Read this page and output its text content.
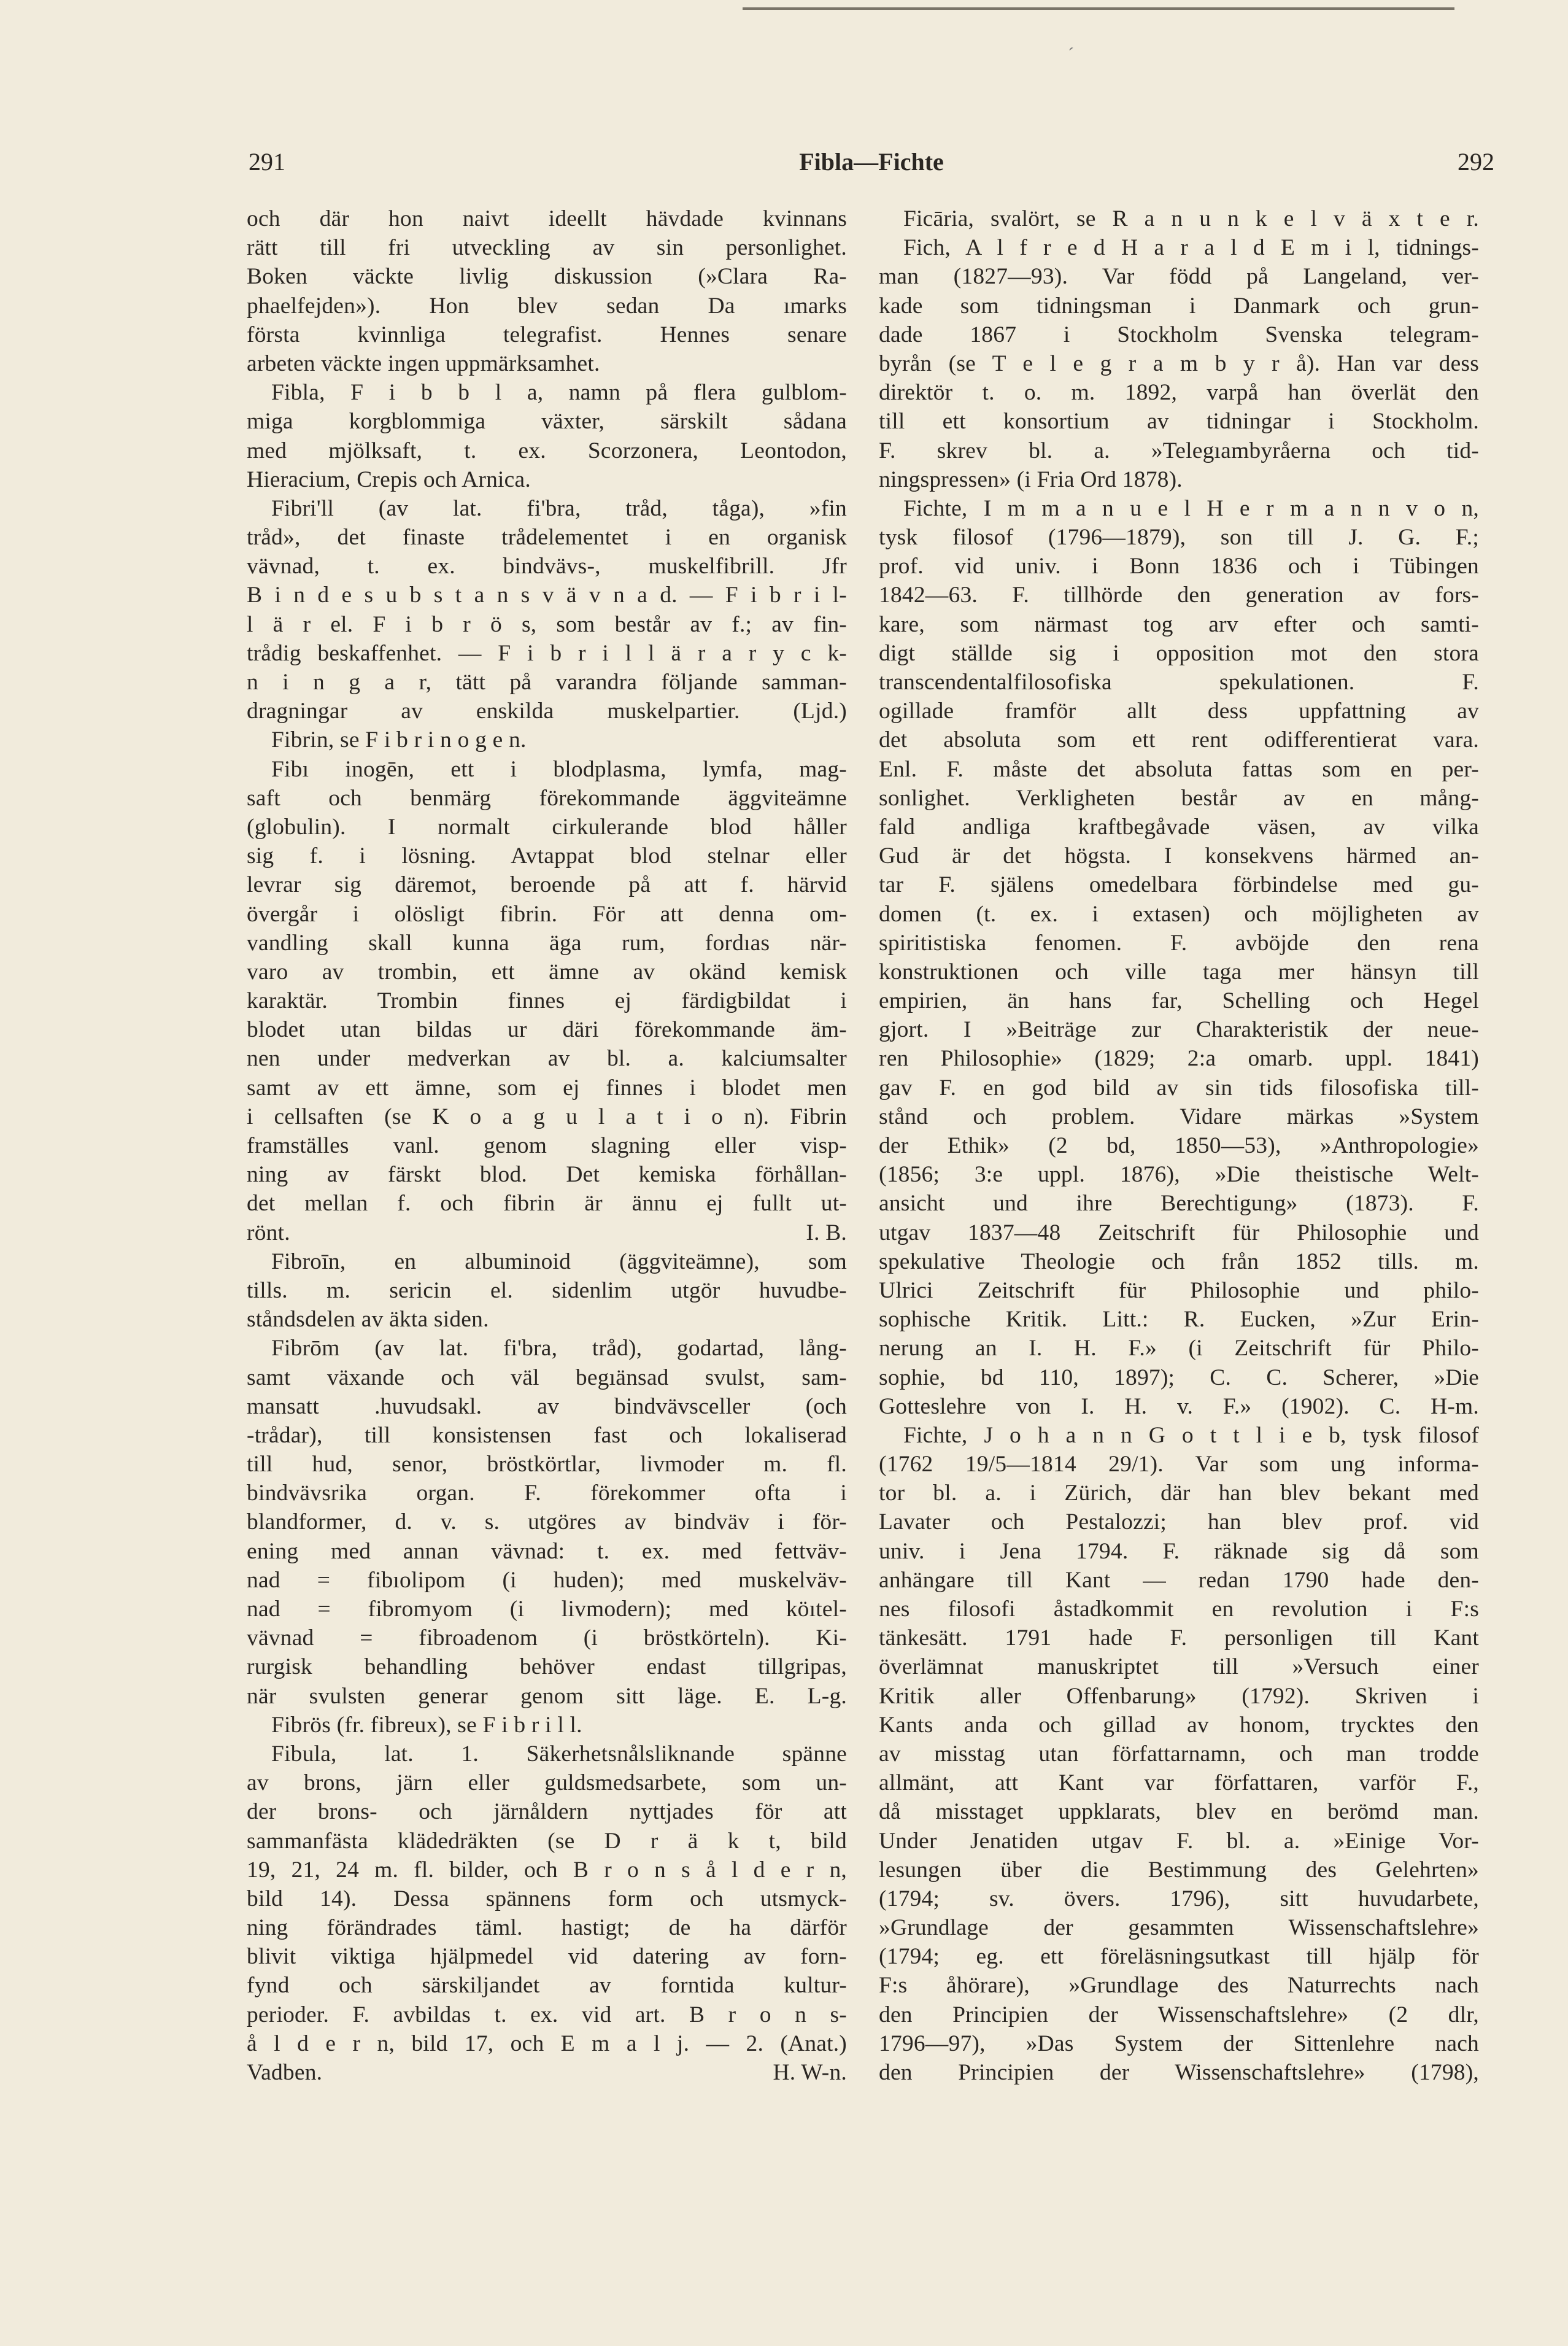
´
291	Fibla—Fichte	292
och där hon naivt ideellt hävdade kvinnans
rätt till fri utveckling av sin personlighet.
Boken väckte livlig diskussion (»Clara Ra-
phaelfejden»). Hon blev sedan Da ımarks
första kvinnliga telegrafist. Hennes senare
arbeten väckte ingen uppmärksamhet.
Fibla, F i b b l a, namn på flera gulblom-
miga korgblommiga växter, särskilt sådana
med mjölksaft, t. ex. Scorzonera, Leontodon,
Hieracium, Crepis och Arnica.
Fibri'll (av lat. fi'bra, tråd, tåga), »fin
tråd», det finaste trådelementet i en organisk
vävnad, t. ex. bindvävs-, muskelfibrill. Jfr
B i n d e s u b s t a n s v ä v n a d. — F i b r i l-
l ä r el. F i b r ö s, som består av f.; av fin-
trådig beskaffenhet. — F i b r i l l ä r a r y c k-
n i n g a r, tätt på varandra följande samman-
dragningar av enskilda muskelpartier. (Ljd.)
Fibrin, se F i b r i n o g e n.
Fibı inogēn, ett i blodplasma, lymfa, mag-
saft och benmärg förekommande äggviteämne
(globulin). I normalt cirkulerande blod håller
sig f. i lösning. Avtappat blod stelnar eller
levrar sig däremot, beroende på att f. härvid
övergår i olösligt fibrin. För att denna om-
vandling skall kunna äga rum, fordıas när-
varo av trombin, ett ämne av okänd kemisk
karaktär. Trombin finnes ej färdigbildat i
blodet utan bildas ur däri förekommande äm-
nen under medverkan av bl. a. kalciumsalter
samt av ett ämne, som ej finnes i blodet men
i cellsaften (se K o a g u l a t i o n). Fibrin
framställes vanl. genom slagning eller visp-
ning av färskt blod. Det kemiska förhållan-
det mellan f. och fibrin är ännu ej fullt ut-
rönt.	I. B.
Fibroīn, en albuminoid (äggviteämne), som
tills. m. sericin el. sidenlim utgör huvudbe-
ståndsdelen av äkta siden.
Fibrōm (av lat. fi'bra, tråd), godartad, lång-
samt växande och väl begıänsad svulst, sam-
mansatt .huvudsakl. av bindvävsceller (och
-trådar), till konsistensen fast och lokaliserad
till hud, senor, bröstkörtlar, livmoder m. fl.
bindvävsrika organ. F. förekommer ofta i
blandformer, d. v. s. utgöres av bindväv i för-
ening med annan vävnad: t. ex. med fettväv-
nad = fibıolipom (i huden); med muskelväv-
nad = fibromyom (i livmodern); med köıtel-
vävnad = fibroadenom (i bröstkörteln). Ki-
rurgisk behandling behöver endast tillgripas,
när svulsten generar genom sitt läge. E. L-g.
Fibrös (fr. fibreux), se F i b r i l l.
Fibula, lat. 1. Säkerhetsnålsliknande spänne
av brons, järn eller guldsmedsarbete, som un-
der brons- och järnåldern nyttjades för att
sammanfästa klädedräkten (se D r ä k t, bild
19, 21, 24 m. fl. bilder, och B r o n s å l d e r n,
bild 14). Dessa spännens form och utsmyck-
ning förändrades täml. hastigt; de ha därför
blivit viktiga hjälpmedel vid datering av forn-
fynd och särskiljandet av forntida kultur-
perioder. F. avbildas t. ex. vid art. B r o n s-
å l d e r n, bild 17, och E m a l j. — 2. (Anat.)
Vadben.	H. W-n.
Ficāria, svalört, se R a n u n k e l v ä x t e r.
Fich, A l f r e d H a r a l d E m i l, tidnings-
man (1827—93). Var född på Langeland, ver-
kade som tidningsman i Danmark och grun-
dade 1867 i Stockholm Svenska telegram-
byrån (se T e l e g r a m b y r å). Han var dess
direktör t. o. m. 1892, varpå han överlät den
till ett konsortium av tidningar i Stockholm.
F. skrev bl. a. »Telegıambyråerna och tid-
ningspressen» (i Fria Ord 1878).
Fichte, I m m a n u e l H e r m a n n v o n,
tysk filosof (1796—1879), son till J. G. F.;
prof. vid univ. i Bonn 1836 och i Tübingen
1842—63. F. tillhörde den generation av fors-
kare, som närmast tog arv efter och samti-
digt ställde sig i opposition mot den stora
transcendentalfilosofiska spekulationen. F.
ogillade framför allt dess uppfattning av
det absoluta som ett rent odifferentierat vara.
Enl. F. måste det absoluta fattas som en per-
sonlighet. Verkligheten består av en mång-
fald andliga kraftbegåvade väsen, av vilka
Gud är det högsta. I konsekvens härmed an-
tar F. själens omedelbara förbindelse med gu-
domen (t. ex. i extasen) och möjligheten av
spiritistiska fenomen. F. avböjde den rena
konstruktionen och ville taga mer hänsyn till
empirien, än hans far, Schelling och Hegel
gjort. I »Beiträge zur Charakteristik der neue-
ren Philosophie» (1829; 2:a omarb. uppl. 1841)
gav F. en god bild av sin tids filosofiska till-
stånd och problem. Vidare märkas »System
der Ethik» (2 bd, 1850—53), »Anthropologie»
(1856; 3:e uppl. 1876), »Die theistische Welt-
ansicht und ihre Berechtigung» (1873). F.
utgav 1837—48 Zeitschrift für Philosophie und
spekulative Theologie och från 1852 tills. m.
Ulrici Zeitschrift für Philosophie und philo-
sophische Kritik. Litt.: R. Eucken, »Zur Erin-
nerung an I. H. F.» (i Zeitschrift für Philo-
sophie, bd 110, 1897); C. C. Scherer, »Die
Gotteslehre von I. H. v. F.» (1902). C. H-m.
Fichte, J o h a n n G o t t l i e b, tysk filosof
(1762 19/5—1814 29/1). Var som ung informa-
tor bl. a. i Zürich, där han blev bekant med
Lavater och Pestalozzi; han blev prof. vid
univ. i Jena 1794. F. räknade sig då som
anhängare till Kant — redan 1790 hade den-
nes filosofi åstadkommit en revolution i F:s
tänkesätt. 1791 hade F. personligen till Kant
överlämnat manuskriptet till »Versuch einer
Kritik aller Offenbarung» (1792). Skriven i
Kants anda och gillad av honom, trycktes den
av misstag utan författarnamn, och man trodde
allmänt, att Kant var författaren, varför F.,
då misstaget uppklarats, blev en berömd man.
Under Jenatiden utgav F. bl. a. »Einige Vor-
lesungen über die Bestimmung des Gelehrten»
(1794; sv. övers. 1796), sitt huvudarbete,
»Grundlage der gesammten Wissenschaftslehre»
(1794; eg. ett föreläsningsutkast till hjälp för
F:s åhörare), »Grundlage des Naturrechts nach
den Principien der Wissenschaftslehre» (2 dlr,
1796—97), »Das System der Sittenlehre nach
den Principien der Wissenschaftslehre» (1798),
